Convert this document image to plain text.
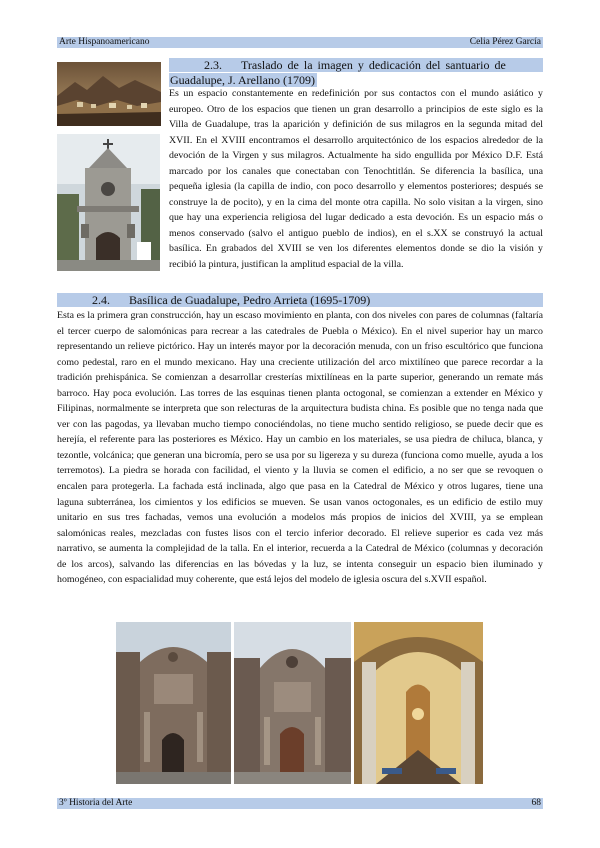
Arte Hispanoamericano	Celia Pérez García
2.3. Traslado de la imagen y dedicación del santuario de
Guadalupe, J. Arellano (1709)

Es un espacio constantemente en redefinición por sus contactos con el mundo asiático y europeo. Otro de los espacios que tienen un gran desarrollo a principios de este siglo es la Villa de Guadalupe, tras la aparición y definición de sus milagros en la segunda mitad del XVII. En el XVIII encontramos el desarrollo arquitectónico de los espacios alrededor de la devoción de la Virgen y sus milagros. Actualmente ha sido engullida por México D.F. Está marcado por los canales que conectaban con Tenochtitlán. Se diferencia la basílica, una pequeña iglesia (la capilla de indio, con poco desarrollo y elementos posteriores; después se construye la de pocito), y en la cima del monte otra capilla. No solo visitan a la virgen, sino que hay una experiencia religiosa del lugar dedicado a esta devoción. Es un espacio más o menos conservado (salvo el antiguo pueblo de indios), en el s.XX se construyó la actual basílica. En grabados del XVIII se ven los diferentes elementos donde se dio la visión y recibió la pintura, justifican la amplitud espacial de la villa.

2.4. Basílica de Guadalupe, Pedro Arrieta (1695-1709)

Esta es la primera gran construcción, hay un escaso movimiento en planta, con dos niveles con pares de columnas (faltaría el tercer cuerpo de salomónicas para recrear a las catedrales de Puebla o México). En el nivel superior hay un marco representando un relieve pictórico. Hay un interés mayor por la decoración menuda, con un friso escultórico que funciona como pedestal, raro en el mundo mexicano. Hay una creciente utilización del arco mixtilíneo que parece recordar a la tradición prehispánica. Se comienzan a desarrollar cresterías mixtilíneas en la parte superior, generando un remate más barroco. Hay poca evolución. Las torres de las esquinas tienen planta octogonal, se comienzan a extender en México y Filipinas, normalmente se interpreta que son relecturas de la arquitectura budista china. Es posible que no tenga nada que ver con las pagodas, ya llevaban mucho tiempo conociéndolas, no tiene mucho sentido religioso, se puede decir que es herejía, el referente para las posteriores es México. Hay un cambio en los materiales, se usa piedra de chiluca, blanca, y tezontle, volcánica; que generan una bicromía, pero se usa por su ligereza y su dureza (funciona como muelle, ayuda a los terremotos). La piedra se horada con facilidad, el viento y la lluvia se comen el edificio, a no ser que se revoquen o encalen para protegerla. La fachada está inclinada, algo que pasa en la Catedral de México y otros lugares, tiene una laguna subterránea, los cimientos y los edificios se mueven. Se usan vanos octogonales, es un edificio de estilo muy unitario en sus tres fachadas, vemos una evolución a modelos más propios de inicios del XVIII, ya se emplean salomónicas reales, mezcladas con fustes lisos con el tercio inferior decorado. El relieve superior es cada vez más narrativo, se aumenta la complejidad de la talla. En el interior, recuerda a la Catedral de México (columnas y decoración de los arcos), salvando las diferencias en las bóvedas y la luz, se intenta conseguir un espacio bien iluminado y homogéneo, con espacialidad muy coherente, que está lejos del modelo de iglesia oscura del s.XVII español.

3º Historia del Arte	68
